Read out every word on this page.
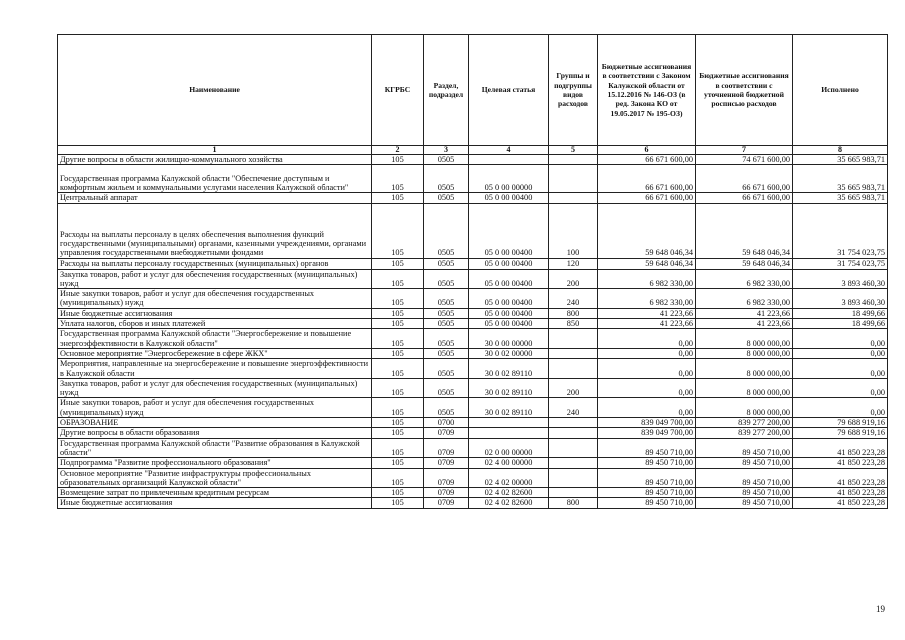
Наименование	КГРБС	Раздел, подраздел	Целевая статья	Группы и подгруппы видов расходов	Бюджетные ассигнования в соответствии с Законом Калужской области от 15.12.2016 № 146-ОЗ (в ред. Закона КО от 19.05.2017 № 195-ОЗ)	Бюджетные ассигнования в соответствии с уточненной бюджетной росписью расходов	Исполнено
1	2	3	4	5	6	7	8
Другие вопросы в области жилищно-коммунального хозяйства	105	0505			66 671 600,00	74 671 600,00	35 665 983,71
Государственная программа Калужской области "Обеспечение доступным и комфортным жильем и коммунальными услугами населения Калужской области"	105	0505	05 0 00 00000		66 671 600,00	66 671 600,00	35 665 983,71
Центральный аппарат	105	0505	05 0 00 00400		66 671 600,00	66 671 600,00	35 665 983,71
Расходы на выплаты персоналу в целях обеспечения выполнения функций государственными (муниципальными) органами, казенными учреждениями, органами управления государственными внебюджетными фондами	105	0505	05 0 00 00400	100	59 648 046,34	59 648 046,34	31 754 023,75
Расходы на выплаты персоналу государственных (муниципальных) органов	105	0505	05 0 00 00400	120	59 648 046,34	59 648 046,34	31 754 023,75
Закупка товаров, работ и услуг для обеспечения государственных (муниципальных) нужд	105	0505	05 0 00 00400	200	6 982 330,00	6 982 330,00	3 893 460,30
Иные закупки товаров, работ и услуг для обеспечения государственных (муниципальных) нужд	105	0505	05 0 00 00400	240	6 982 330,00	6 982 330,00	3 893 460,30
Иные бюджетные ассигнования	105	0505	05 0 00 00400	800	41 223,66	41 223,66	18 499,66
Уплата налогов, сборов и иных платежей	105	0505	05 0 00 00400	850	41 223,66	41 223,66	18 499,66
Государственная программа Калужской области "Энергосбережение и повышение энергоэффективности в Калужской области"	105	0505	30 0 00 00000		0,00	8 000 000,00	0,00
Основное мероприятие "Энергосбережение в сфере ЖКХ"	105	0505	30 0 02 00000		0,00	8 000 000,00	0,00
Мероприятия, направленные на энергосбережение и повышение энергоэффективности в Калужской области	105	0505	30 0 02 89110		0,00	8 000 000,00	0,00
Закупка товаров, работ и услуг для обеспечения государственных (муниципальных) нужд	105	0505	30 0 02 89110	200	0,00	8 000 000,00	0,00
Иные закупки товаров, работ и услуг для обеспечения государственных (муниципальных) нужд	105	0505	30 0 02 89110	240	0,00	8 000 000,00	0,00
ОБРАЗОВАНИЕ	105	0700			839 049 700,00	839 277 200,00	79 688 919,16
Другие вопросы в области образования	105	0709			839 049 700,00	839 277 200,00	79 688 919,16
Государственная программа Калужской области "Развитие образования в Калужской области"	105	0709	02 0 00 00000		89 450 710,00	89 450 710,00	41 850 223,28
Подпрограмма "Развитие профессионального образования"	105	0709	02 4 00 00000		89 450 710,00	89 450 710,00	41 850 223,28
Основное мероприятие "Развитие инфраструктуры профессиональных образовательных организаций Калужской области"	105	0709	02 4 02 00000		89 450 710,00	89 450 710,00	41 850 223,28
Возмещение затрат по привлеченным кредитным ресурсам	105	0709	02 4 02 82600		89 450 710,00	89 450 710,00	41 850 223,28
Иные бюджетные ассигнования	105	0709	02 4 02 82600	800	89 450 710,00	89 450 710,00	41 850 223,28
19
